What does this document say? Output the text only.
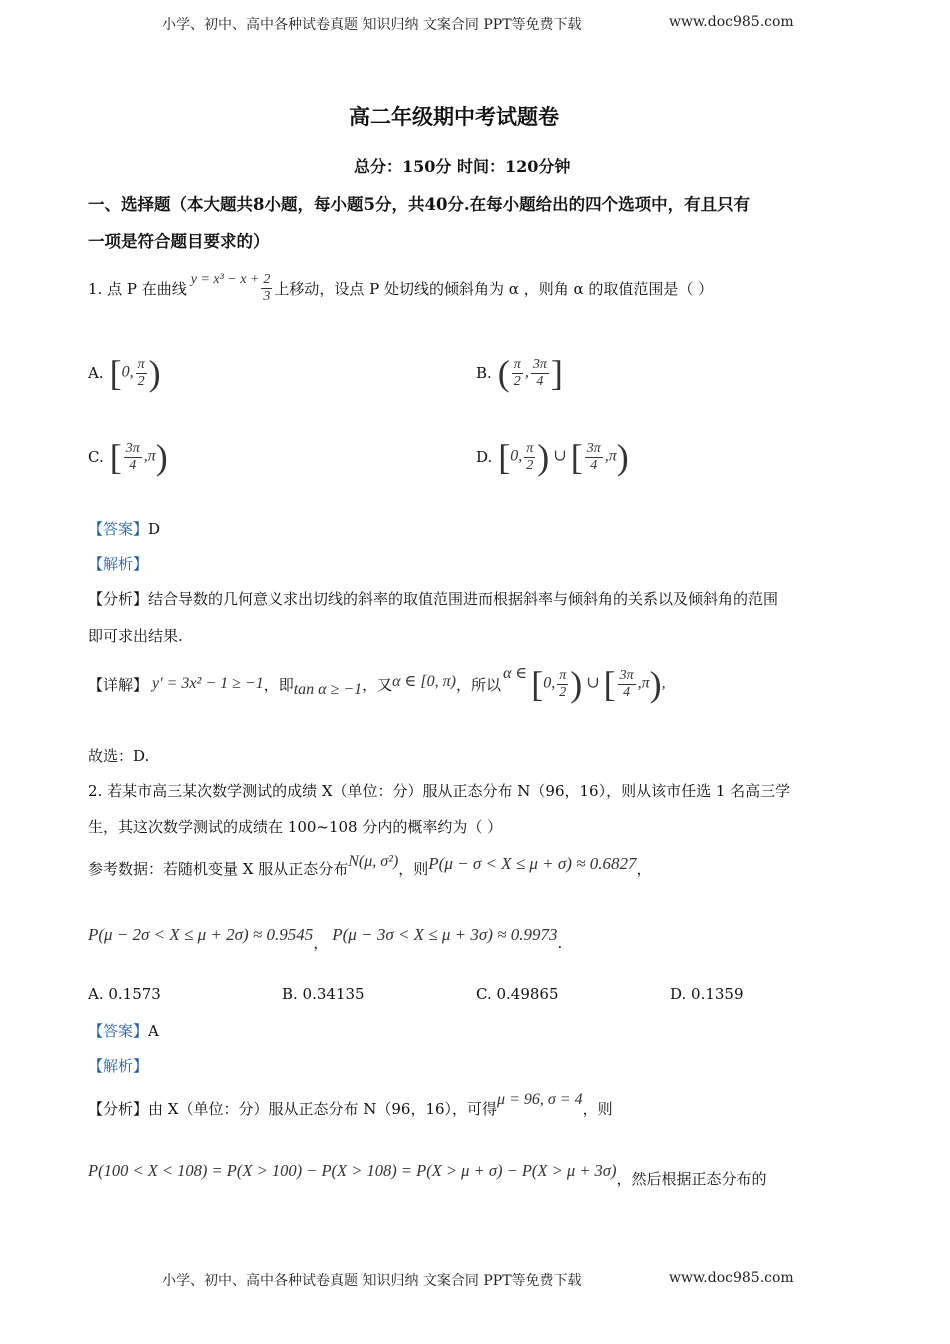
小学、初中、高中各种试卷真题 知识归纳 文案合同 PPT等免费下载	www.doc985.com
高二年级期中考试题卷
总分：150分 时间：120分钟
一、选择题（本大题共8小题，每小题5分，共40分.在每小题给出的四个选项中，有且只有
一项是符合题目要求的）
1. 点 P 在曲线 $y = x^3 - x + \frac{2}{3}$ 上移动，设点 P 处切线的倾斜角为 α ，则角 α 的取值范围是（ ）
A. [0, $\frac{\pi}{2}$ )	B. ( $\frac{\pi}{2}$ , $\frac{3\pi}{4}$ ]
C. [ $\frac{3\pi}{4} ,\pi$)	D. [0, $\frac{\pi}{2}$ ) ∪ [ $\frac{3\pi}{4} ,\pi$)
【答案】D
【解析】
【分析】结合导数的几何意义求出切线的斜率的取值范围进而根据斜率与倾斜角的关系以及倾斜角的范围
即可求出结果.
【详解】 y′ = 3x² − 1 ≥ −1 ，即 tan α ≥ −1 ，又 α ∈ [0, π) ，所以
α ∈ [0, $\frac{\pi}{2}$ ) ∪ [ $\frac{3\pi}{4} ,\pi$),
故选：D.
2. 若某市高三某次数学测试的成绩 X（单位：分）服从正态分布 N（96，16），则从该市任选 1 名高三学
生，其这次数学测试的成绩在 100~108 分内的概率约为（ ）
参考数据：若随机变量 X 服从正态分布 N(μ, σ²) ，则 P(μ − σ < X ≤ μ + σ) ≈ 0.6827 ，
P(μ − 2σ < X ≤ μ + 2σ) ≈ 0.9545 ， P(μ − 3σ < X ≤ μ + 3σ) ≈ 0.9973 .
A. 0.1573	B. 0.34135	C. 0.49865	D. 0.1359
【答案】A
【解析】
【分析】 由 X（单位：分）服从正态分布 N（96，16），可得 μ = 96, σ = 4 ，则
P(100 < X < 108) = P(X > 100) − P(X > 108) = P(X > μ + σ) − P(X > μ + 3σ) ，然后根据正态分布的
小学、初中、高中各种试卷真题 知识归纳 文案合同 PPT等免费下载	www.doc985.com
